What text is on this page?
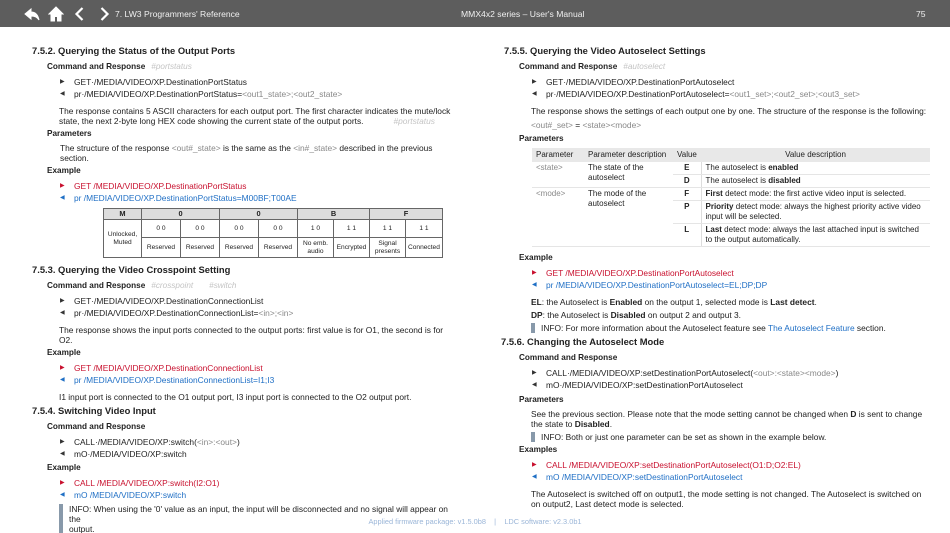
7. LW3 Programmers' Reference	MMX4x2 series – User's Manual	75
7.5.2. Querying the Status of the Output Ports
Command and Response #portstatus
▶	GET·/MEDIA/VIDEO/XP.DestinationPortStatus
◀	pr·/MEDIA/VIDEO/XP.DestinationPortStatus=<out1_state>;<out2_state>
The response contains 5 ASCII characters for each output port. The first character indicates the mute/lock
state, the next 2-byte long HEX code showing the current state of the output ports.	#portstatus
Parameters
The structure of the response <out#_state> is the same as the <in#_state> described in the previous section.
Example
▶	GET /MEDIA/VIDEO/XP.DestinationPortStatus
◀	pr /MEDIA/VIDEO/XP.DestinationPortStatus=M00BF;T00AE
M	0		0		B		F	
Unlocked, Muted	0 0	0 0	0 0	0 0	1 0	1 1	1 1	1 1
	Reserved	Reserved	Reserved	Reserved	No emb. audio	Encrypted	Signal presents	Connected
7.5.3. Querying the Video Crosspoint Setting
Command and Response #crosspoint #switch
▶	GET·/MEDIA/VIDEO/XP.DestinationConnectionList
◀	pr·/MEDIA/VIDEO/XP.DestinationConnectionList=<in>;<in>
The response shows the input ports connected to the output ports: first value is for O1, the second is for O2.
Example
▶	GET /MEDIA/VIDEO/XP.DestinationConnectionList
◀	pr /MEDIA/VIDEO/XP.DestinationConnectionList=I1;I3
I1 input port is connected to the O1 output port, I3 input port is connected to the O2 output port.
7.5.4. Switching Video Input
Command and Response
▶	CALL·/MEDIA/VIDEO/XP:switch(<in>:<out>)
◀	mO·/MEDIA/VIDEO/XP:switch
Example
▶	CALL /MEDIA/VIDEO/XP:switch(I2:O1)
◀	mO /MEDIA/VIDEO/XP:switch
INFO: When using the '0' value as an input, the input will be disconnected and no signal will appear on the
output.
7.5.5. Querying the Video Autoselect Settings
Command and Response #autoselect
▶	GET·/MEDIA/VIDEO/XP.DestinationPortAutoselect
◀	pr·/MEDIA/VIDEO/XP.DestinationPortAutoselect=<out1_set>;<out2_set>;<out3_set>
The response shows the settings of each output one by one. The structure of the response is the following:
<out#_set> = <state><mode>
Parameters
Parameter	Parameter description	Value	Value description
<state>	The state of the autoselect	E	The autoselect is enabled
		D	The autoselect is disabled
<mode>	The mode of the autoselect	F	First detect mode: the first active video input is selected.
		P	Priority detect mode: always the highest priority active video input will be selected.
		L	Last detect mode: always the last attached input is switched to the output automatically.
Example
▶	GET /MEDIA/VIDEO/XP.DestinationPortAutoselect
◀	pr /MEDIA/VIDEO/XP.DestinationPortAutoselect=EL;DP;DP
EL: the Autoselect is Enabled on the output 1, selected mode is Last detect.
DP: the Autoselect is Disabled on output 2 and output 3.
INFO: For more information about the Autoselect feature see The Autoselect Feature section.
7.5.6. Changing the Autoselect Mode
Command and Response
▶	CALL·/MEDIA/VIDEO/XP:setDestinationPortAutoselect(<out>:<state><mode>)
◀	mO·/MEDIA/VIDEO/XP:setDestinationPortAutoselect
Parameters
See the previous section. Please note that the mode setting cannot be changed when D is sent to change
the state to Disabled.
INFO: Both or just one parameter can be set as shown in the example below.
Examples
▶	CALL /MEDIA/VIDEO/XP:setDestinationPortAutoselect(O1:D;O2:EL)
◀	mO /MEDIA/VIDEO/XP:setDestinationPortAutoselect
The Autoselect is switched off on output1, the mode setting is not changed. The Autoselect is switched on
on output2, Last detect mode is selected.
Applied firmware package: v1.5.0b8 | LDC software: v2.3.0b1
